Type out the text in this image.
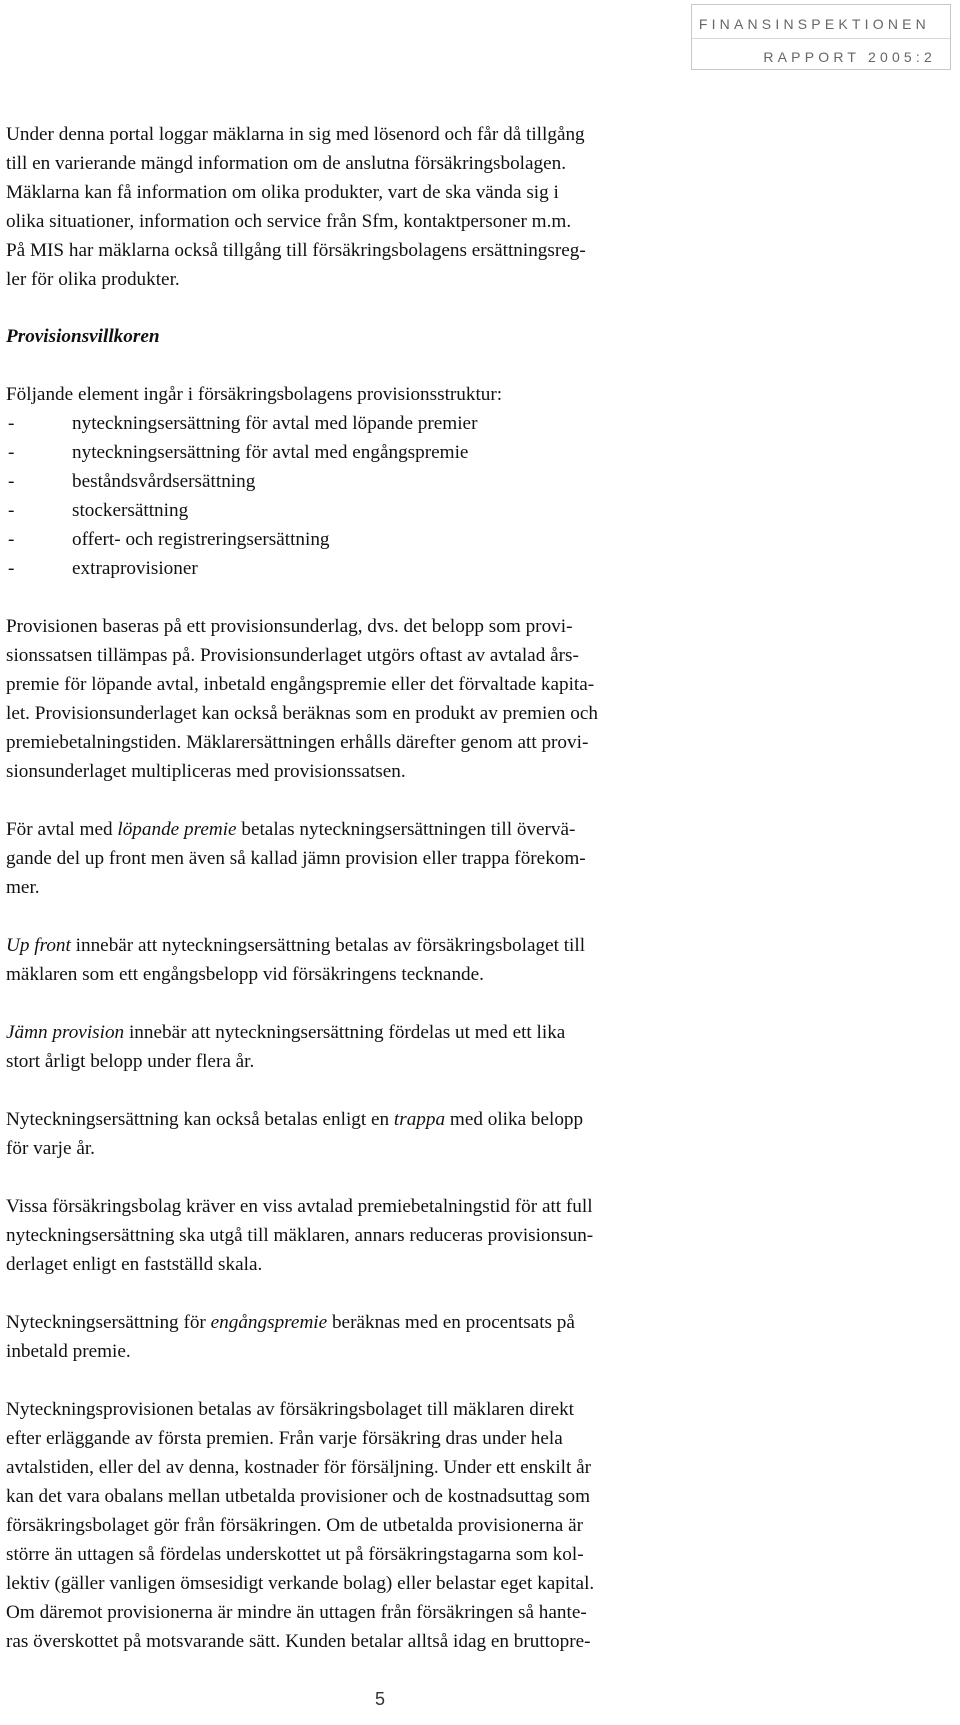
FINANSINSPEKTIONEN
RAPPORT 2005:2

Under denna portal loggar mäklarna in sig med lösenord och får då tillgång
till en varierande mängd information om de anslutna försäkringsbolagen.
Mäklarna kan få information om olika produkter, vart de ska vända sig i
olika situationer, information och service från Sfm, kontaktpersoner m.m.
På MIS har mäklarna också tillgång till försäkringsbolagens ersättningsreg-
ler för olika produkter.

Provisionsvillkoren

Följande element ingår i försäkringsbolagens provisionsstruktur:
-	nyteckningsersättning för avtal med löpande premier
-	nyteckningsersättning för avtal med engångspremie
-	beståndsvårdsersättning
-	stockersättning
-	offert- och registreringsersättning
-	extraprovisioner

Provisionen baseras på ett provisionsunderlag, dvs. det belopp som provi-
sionssatsen tillämpas på. Provisionsunderlaget utgörs oftast av avtalad års-
premie för löpande avtal, inbetald engångspremie eller det förvaltade kapita-
let. Provisionsunderlaget kan också beräknas som en produkt av premien och
premiebetalningstiden. Mäklarersättningen erhålls därefter genom att provi-
sionsunderlaget multipliceras med provisionssatsen.

För avtal med löpande premie betalas nyteckningsersättningen till övervä-
gande del up front men även så kallad jämn provision eller trappa förekom-
mer.

Up front innebär att nyteckningsersättning betalas av försäkringsbolaget till
mäklaren som ett engångsbelopp vid försäkringens tecknande.

Jämn provision innebär att nyteckningsersättning fördelas ut med ett lika
stort årligt belopp under flera år.

Nyteckningsersättning kan också betalas enligt en trappa med olika belopp
för varje år.

Vissa försäkringsbolag kräver en viss avtalad premiebetalningstid för att full
nyteckningsersättning ska utgå till mäklaren, annars reduceras provisionsun-
derlaget enligt en fastställd skala.

Nyteckningsersättning för engångspremie beräknas med en procentsats på
inbetald premie.

Nyteckningsprovisionen betalas av försäkringsbolaget till mäklaren direkt
efter erläggande av första premien. Från varje försäkring dras under hela
avtalstiden, eller del av denna, kostnader för försäljning. Under ett enskilt år
kan det vara obalans mellan utbetalda provisioner och de kostnadsuttag som
försäkringsbolaget gör från försäkringen. Om de utbetalda provisionerna är
större än uttagen så fördelas underskottet ut på försäkringstagarna som kol-
lektiv (gäller vanligen ömsesidigt verkande bolag) eller belastar eget kapital.
Om däremot provisionerna är mindre än uttagen från försäkringen så hante-
ras överskottet på motsvarande sätt. Kunden betalar alltså idag en bruttopre-

5
